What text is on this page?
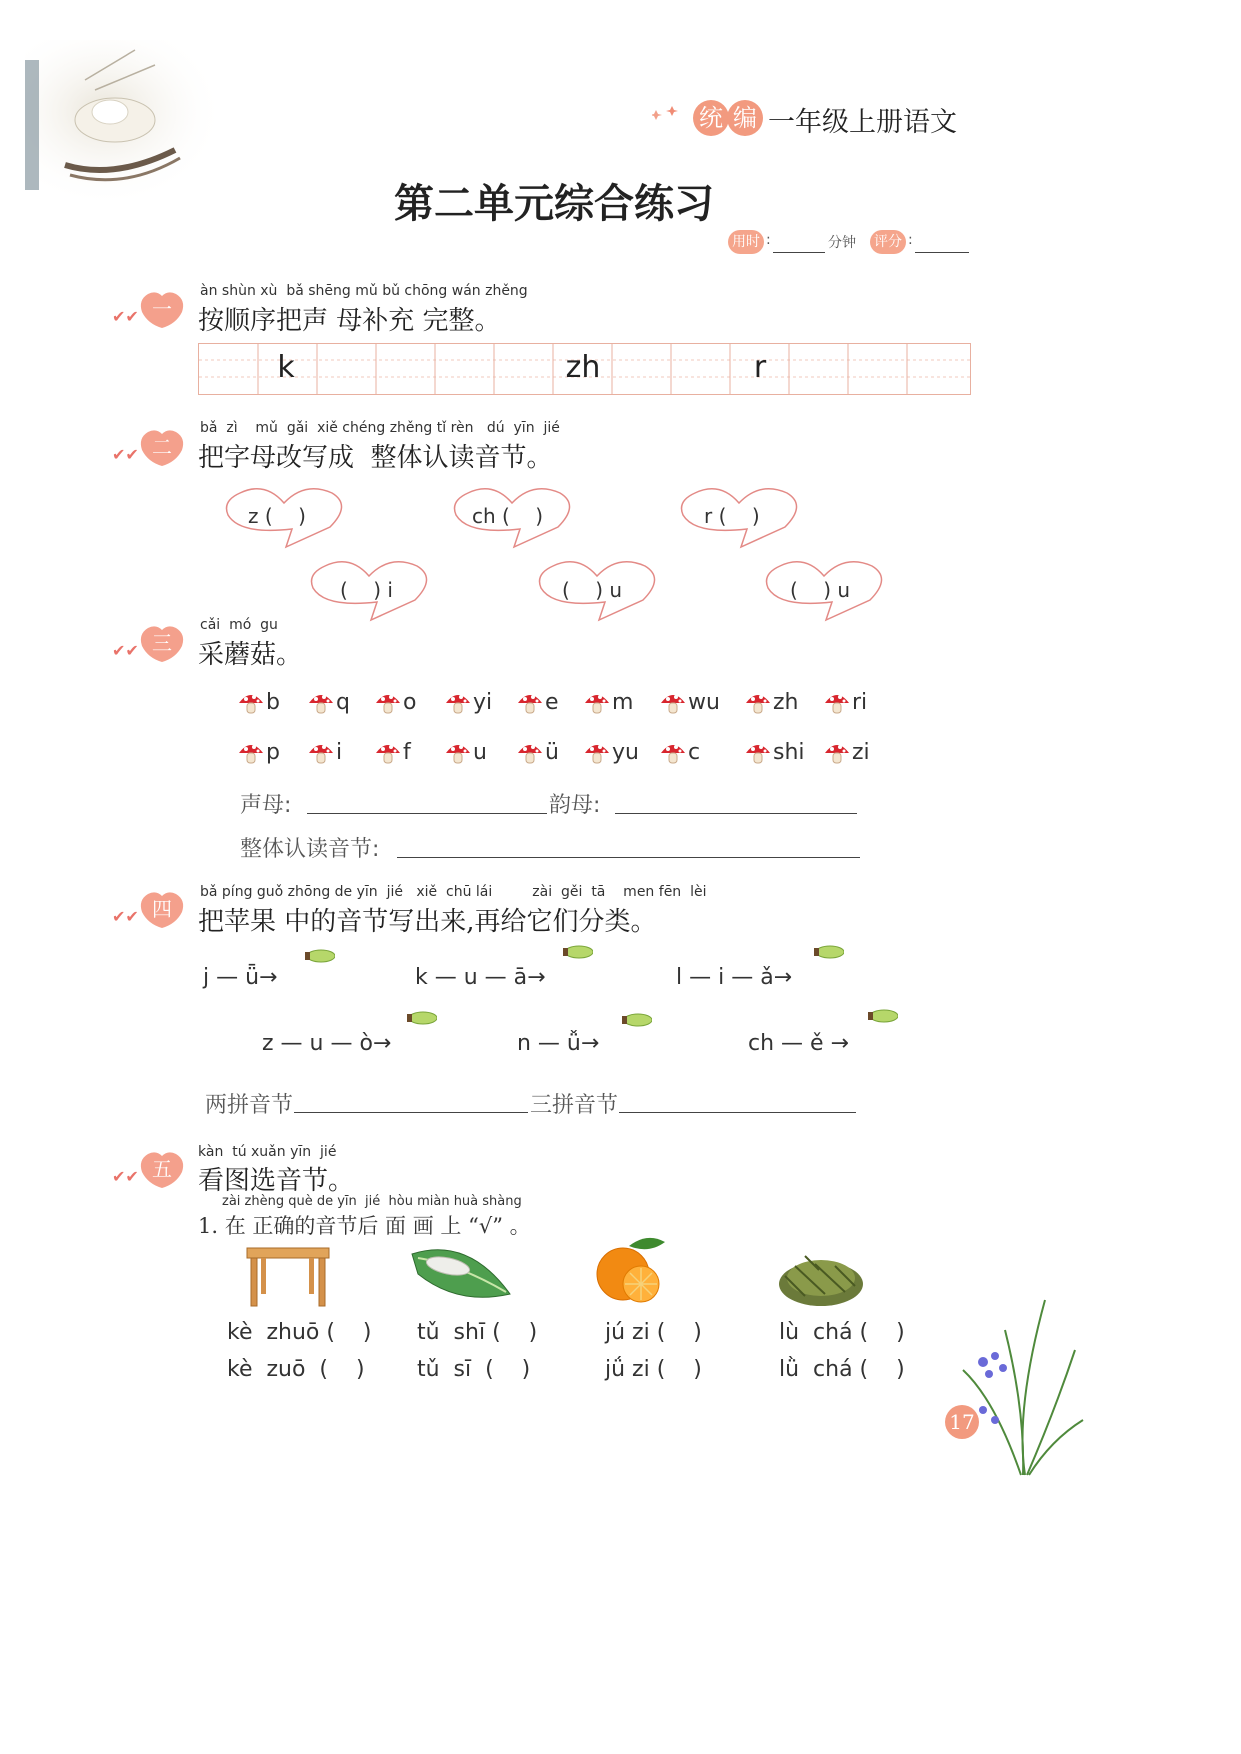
统 编 一年级上册语文
第二单元综合练习
用时 :	分钟 评分 :
✔✔ 一
àn shùn xù  bǎ shēng mǔ bǔ chōng wán zhěng
按顺序把声 母补充 完整。
k	zh	r
✔✔ 二
bǎ  zì    mǔ  gǎi  xiě chéng zhěng tǐ rèn   dú  yīn  jié
把字母改写成  整体认读音节。
z (    )	ch (    )	r (    )
(    ) i	(    ) u	(    ) u
✔✔ 三
cǎi  mó  gu
采蘑菇。
b	q o	yi e m wu zh ri
p	i	f	u	ü yu c	shi zi
声母:	韵母:
整体认读音节:
✔✔ 四
bǎ píng guǒ zhōng de yīn  jié   xiě  chū lái         zài  gěi  tā    men fēn  lèi
把苹果 中的音节写出来,再给它们分类。
j — ǖ→	k — u — ā→	l — i — ǎ→
z — u — ò→	n — ǚ→	ch — ě →
两拼音节	三拼音节
✔✔ 五
kàn  tú xuǎn yīn  jié
看图选音节。
zài zhèng què de yīn  jié  hòu miàn huà shàng
1. 在 正确的音节后 面 画 上 “√” 。
kè  zhuō (    )
kè  zuō  (    )
tǔ  shī (    )
tǔ  sī  (    )
jú zi (    )
jǘ zi (    )
lù  chá (    )
lǜ  chá (    )
17
